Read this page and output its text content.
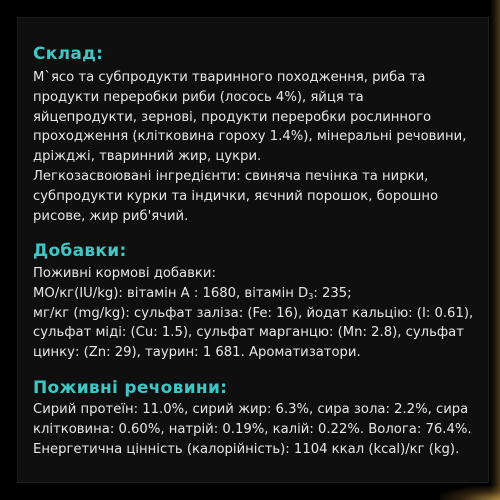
Склад:
М`ясо та субпродукти тваринного походження, риба та
продукти переробки риби (лосось 4%), яйця та
яйцепродукти, зернові, продукти переробки рослинного
проходження (клітковина гороху 1.4%), мінеральні речовини,
дріжджі, тваринний жир, цукри.
Легкозасвоювані інгредієнти: свиняча печінка та нирки,
субпродукти курки та індички, яєчний порошок, борошно
рисове, жир риб'ячий.
Добавки:
Поживні кормові добавки:
МО/кг(IU/kg): вітамін А : 1680, вітамін $D_3$: 235;
мг/кг (mg/kg): сульфат заліза: (Fe: 16), йодат кальцію: (I: 0.61),
сульфат міді: (Cu: 1.5), сульфат марганцю: (Mn: 2.8), сульфат
цинку: (Zn: 29), таурин: 1 681. Ароматизатори.
Поживні речовини:
Сирий протеїн: 11.0%, сирий жир: 6.3%, сира зола: 2.2%, сира
клітковина: 0.60%, натрій: 0.19%, калій: 0.22%. Вологa: 76.4%.
Енергетична цінність (калорійність): 1104 ккал (kcal)/кг (kg).
